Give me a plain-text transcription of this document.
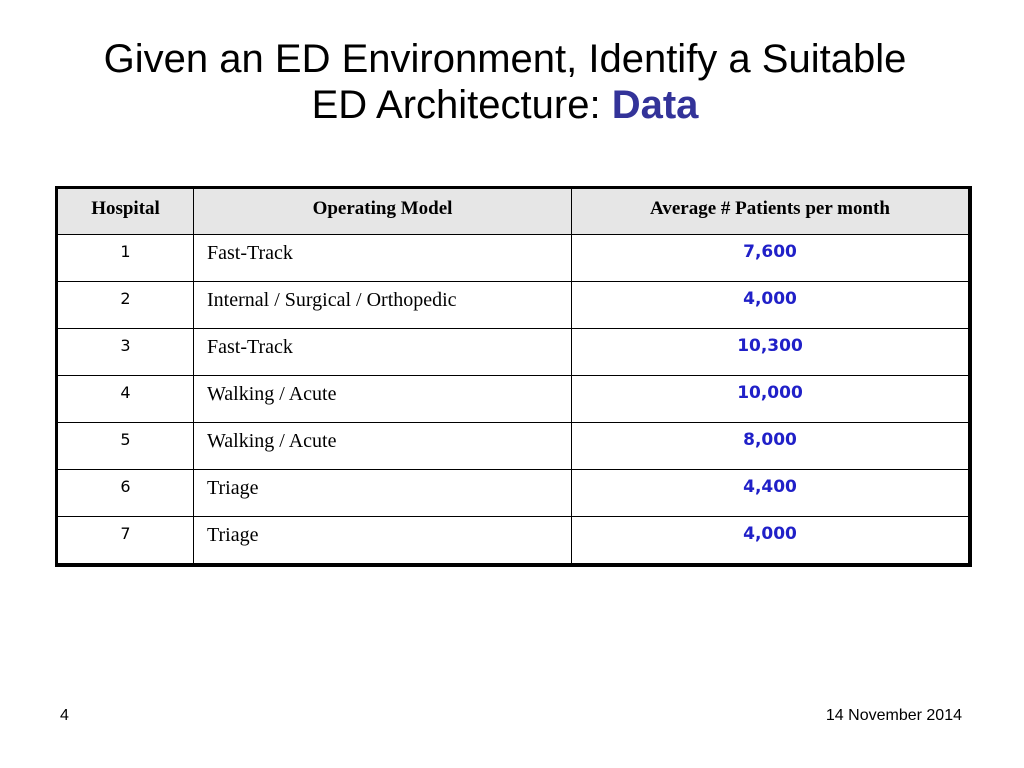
Given an ED Environment, Identify a Suitable
ED Architecture: Data
Hospital	Operating Model	Average # Patients per month
1	Fast-Track	7,600
2	Internal / Surgical / Orthopedic	4,000
3	Fast-Track	10,300
4	Walking / Acute	10,000
5	Walking / Acute	8,000
6	Triage	4,400
7	Triage	4,000
4	14 November 2014
